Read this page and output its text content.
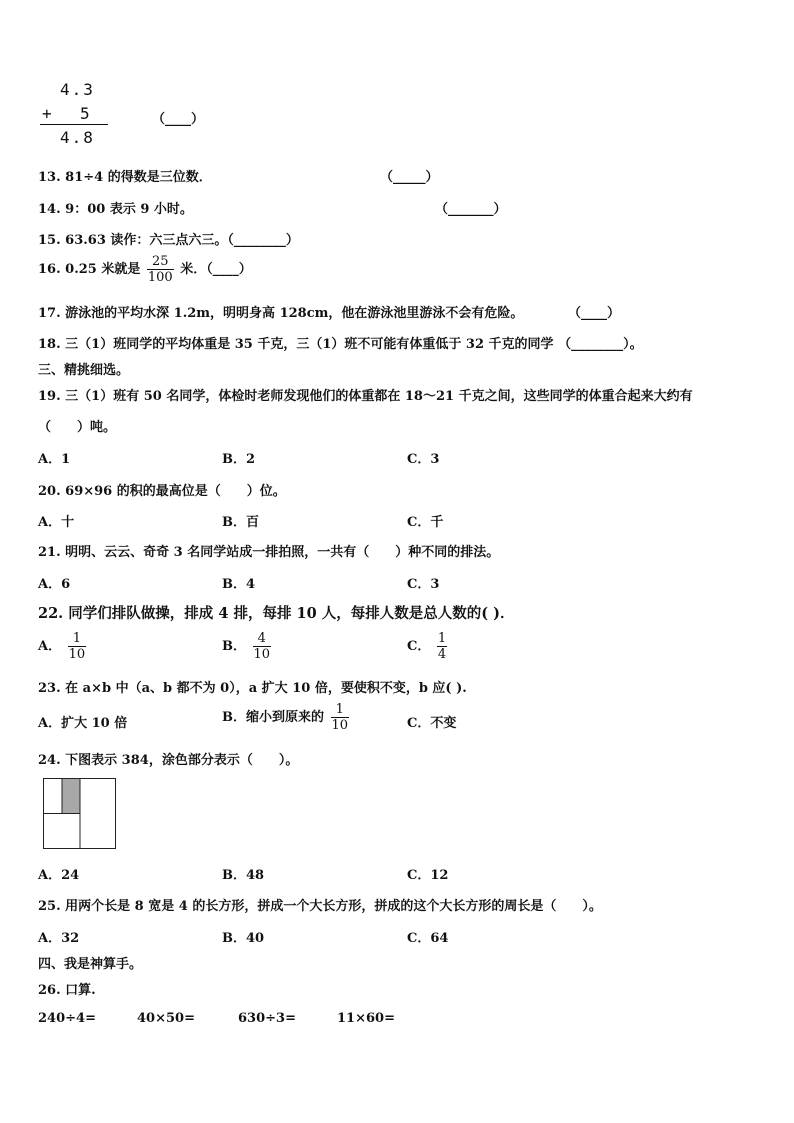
4.3
+ 5
4.8
（____）
13. 81÷4 的得数是三位数．	（_____）
14. 9：00 表示 9 小时。	（_______）
15. 63.63 读作：六三点六三。（________）
16. 0.25 米就是 $\frac{25}{100}$ 米．（____）
17. 游泳池的平均水深 1.2m，明明身高 128cm，他在游泳池里游泳不会有危险。	（____）
18. 三（1）班同学的平均体重是 35 千克，三（1）班不可能有体重低于 32 千克的同学 （________）。
三、精挑细选。
19. 三（1）班有 50 名同学，体检时老师发现他们的体重都在 18～21 千克之间，这些同学的体重合起来大约有
（　　）吨。
A．1	B．2	C．3
20. 69×96 的积的最高位是（　　）位。
A．十	B．百	C．千
21. 明明、云云、奇奇 3 名同学站成一排拍照，一共有（　　）种不同的排法。
A．6	B．4	C．3
22. 同学们排队做操，排成 4 排，每排 10 人，每排人数是总人数的( )．
A． $\frac{1}{10}$	B． $\frac{4}{10}$	C． $\frac{1}{4}$
23. 在 a×b 中（a、b 都不为 0），a 扩大 10 倍，要使积不变，b 应( ).
A．扩大 10 倍	B．缩小到原来的 $\frac{1}{10}$	C．不变
24. 下图表示 384，涂色部分表示（　　）。
A．24	B．48	C．12
25. 用两个长是 8 宽是 4 的长方形，拼成一个大长方形，拼成的这个大长方形的周长是（　　）。
A．32	B．40	C．64
四、我是神算手。
26. 口算.
240÷4=	40×50=	630÷3=	11×60=
